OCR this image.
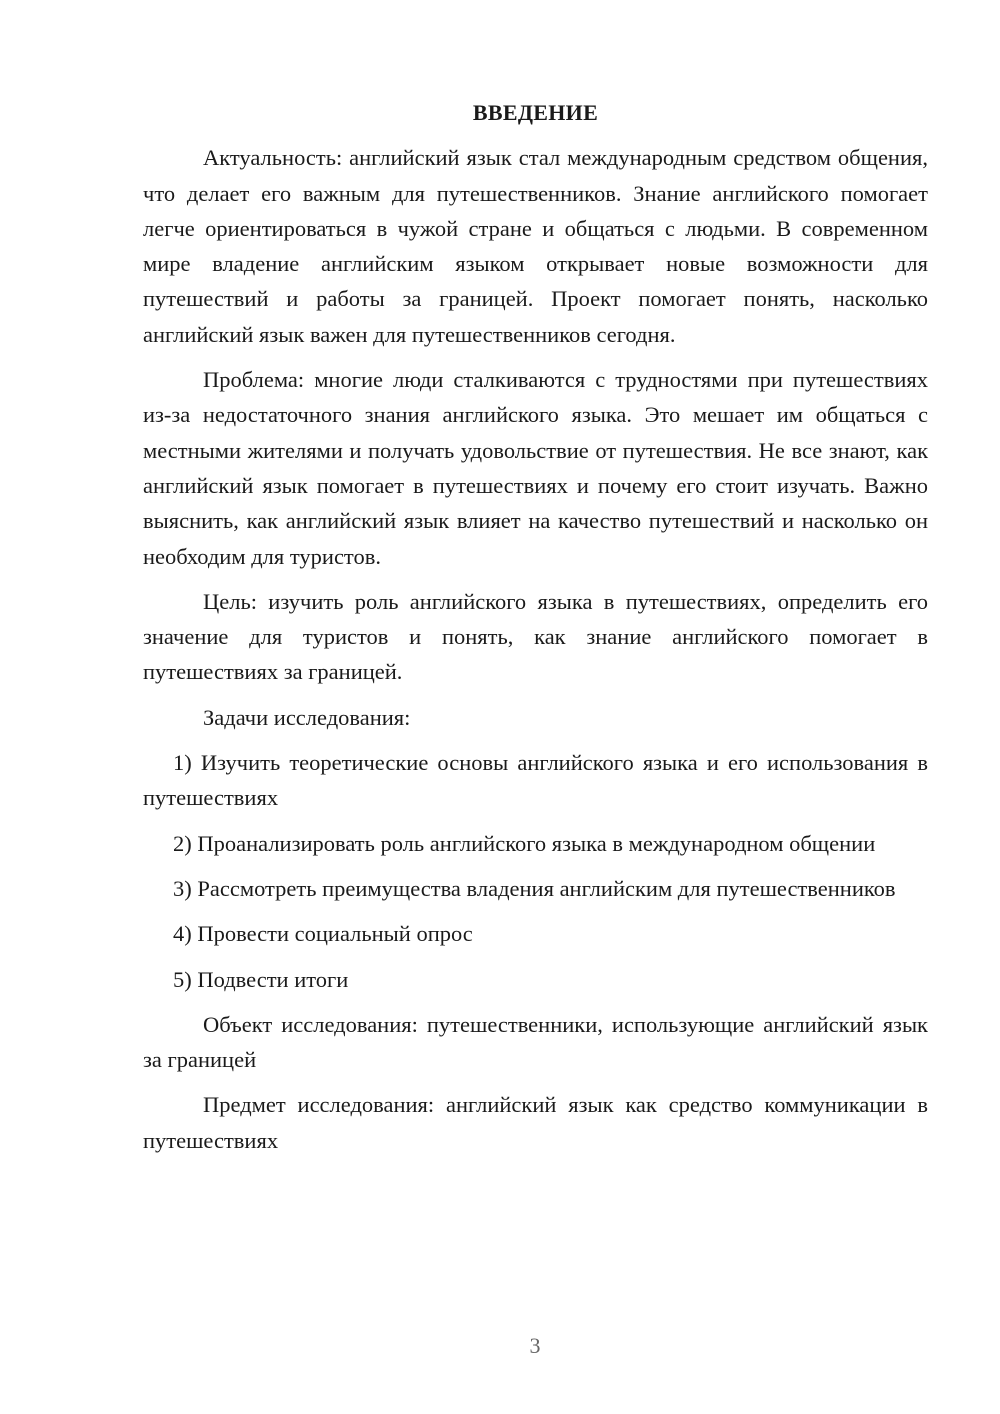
ВВЕДЕНИЕ

Актуальность: английский язык стал международным средством общения, что делает его важным для путешественников. Знание английского помогает легче ориентироваться в чужой стране и общаться с людьми. В современном мире владение английским языком открывает новые возможности для путешествий и работы за границей. Проект помогает понять, насколько английский язык важен для путешественников сегодня.

Проблема: многие люди сталкиваются с трудностями при путешествиях из-за недостаточного знания английского языка. Это мешает им общаться с местными жителями и получать удовольствие от путешествия. Не все знают, как английский язык помогает в путешествиях и почему его стоит изучать. Важно выяснить, как английский язык влияет на качество путешествий и насколько он необходим для туристов.

Цель: изучить роль английского языка в путешествиях, определить его значение для туристов и понять, как знание английского помогает в путешествиях за границей.

Задачи исследования:

1) Изучить теоретические основы английского языка и его использования в путешествиях

2) Проанализировать роль английского языка в международном общении

3) Рассмотреть преимущества владения английским для путешественников

4) Провести социальный опрос

5) Подвести итоги

Объект исследования: путешественники, использующие английский язык за границей

Предмет исследования: английский язык как средство коммуникации в путешествиях

3
